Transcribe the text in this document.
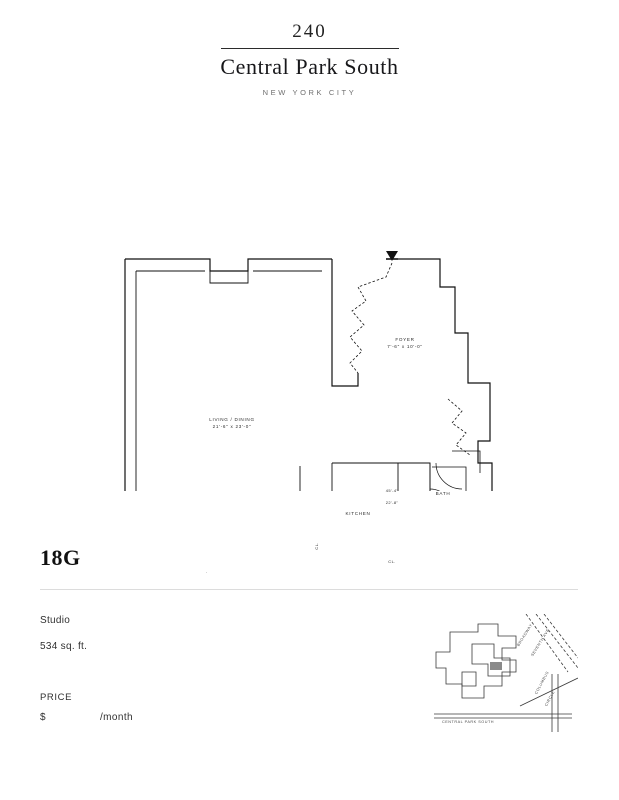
240
Central Park South
NEW YORK CITY
LIVING / DINING
21'-6" x 23'-0"
FOYER
7'-6" x 10'-0"
KITCHEN
BATH
CL.
CL.
45'-4"
22'-8"
·
18G
Studio
534 sq. ft.
PRICE
$	/month
BROADWAY
SEVENTH AVE
COLUMBUS
CIRCLE
CENTRAL PARK SOUTH
